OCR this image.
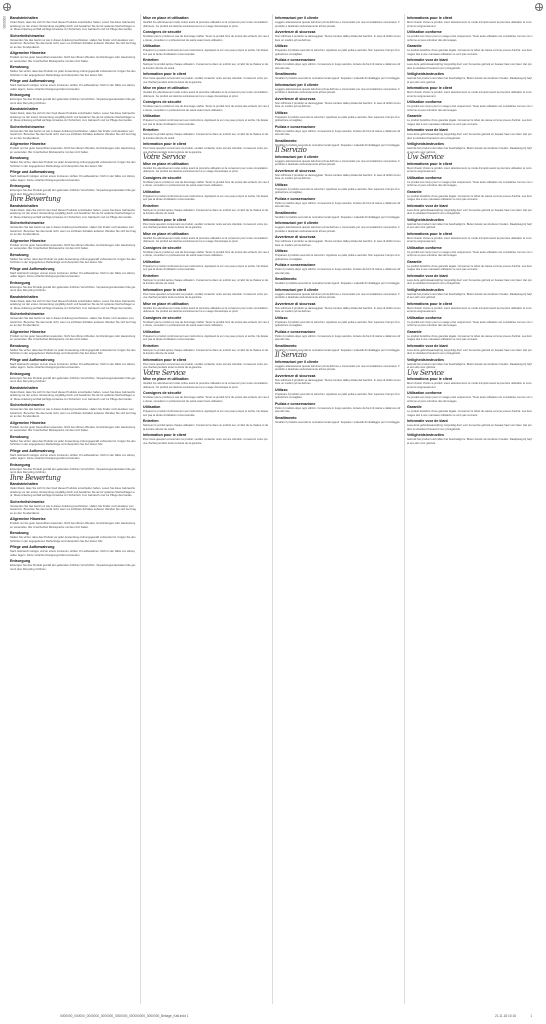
0000000 Bandsteinhalten

Vielen Dank, dass Sie sich für den Kauf dieses Produkts entschieden haben. Lesen Sie diese Gebrauchsanleitung vor der ersten Verwendung sorgfältig durch und bewahren Sie sie für späteres Nachschlagen auf. Diese Anleitung enthält wichtige Hinweise zur Sicherheit, zum Gebrauch und zur Pflege des Geräts.

Sicherheitshinweise

Verwenden Sie das Gerät nur wie in dieser Anleitung beschrieben. Halten Sie Kinder und Haustiere vom Gerät fern. Benutzen Sie das Gerät nicht, wenn es sichtbare Schäden aufweist. Wenden Sie sich bei Fragen an den Kundendienst.

Allgemeine Hinweise

Produkt nur bei guter Gesundheit anwenden. Nicht bei offenen Wunden, Entzündungen oder Hautreizungen verwenden. Bei Unsicherheit Rücksprache mit dem Arzt halten.

Benutzung

Stellen Sie sicher, dass das Produkt vor jeder Anwendung ordnungsgemäß vorbereitet ist. Folgen Sie den Schritten in der angegebenen Reihenfolge und überprüfen Sie den festen Sitz.

Pflege und Aufbewahrung

Nach Gebrauch reinigen und an einem trockenen, kühlen Ort aufbewahren. Nicht in der Nähe von Hitzequellen lagern. Keine scharfen Reinigungsmittel verwenden.

Entsorgung

Entsorgen Sie das Produkt gemäß den geltenden örtlichen Vorschriften. Verpackungsmaterialien bitte getrennt dem Recycling zuführen.

Bandsteinhalten

Vielen Dank, dass Sie sich für den Kauf dieses Produkts entschieden haben. Lesen Sie diese Gebrauchsanleitung vor der ersten Verwendung sorgfältig durch und bewahren Sie sie für späteres Nachschlagen auf. Diese Anleitung enthält wichtige Hinweise zur Sicherheit, zum Gebrauch und zur Pflege des Geräts.

Sicherheitshinweise

Verwenden Sie das Gerät nur wie in dieser Anleitung beschrieben. Halten Sie Kinder und Haustiere vom Gerät fern. Benutzen Sie das Gerät nicht, wenn es sichtbare Schäden aufweist. Wenden Sie sich bei Fragen an den Kundendienst.

Allgemeine Hinweise

Produkt nur bei guter Gesundheit anwenden. Nicht bei offenen Wunden, Entzündungen oder Hautreizungen verwenden. Bei Unsicherheit Rücksprache mit dem Arzt halten.

Benutzung

Stellen Sie sicher, dass das Produkt vor jeder Anwendung ordnungsgemäß vorbereitet ist. Folgen Sie den Schritten in der angegebenen Reihenfolge und überprüfen Sie den festen Sitz.

Pflege und Aufbewahrung

Nach Gebrauch reinigen und an einem trockenen, kühlen Ort aufbewahren. Nicht in der Nähe von Hitzequellen lagern. Keine scharfen Reinigungsmittel verwenden.

Entsorgung

Entsorgen Sie das Produkt gemäß den geltenden örtlichen Vorschriften. Verpackungsmaterialien bitte getrennt dem Recycling zuführen.

Ihre Bewertung
Bandsteinhalten

Vielen Dank, dass Sie sich für den Kauf dieses Produkts entschieden haben. Lesen Sie diese Gebrauchsanleitung vor der ersten Verwendung sorgfältig durch und bewahren Sie sie für späteres Nachschlagen auf. Diese Anleitung enthält wichtige Hinweise zur Sicherheit, zum Gebrauch und zur Pflege des Geräts.

Sicherheitshinweise

Verwenden Sie das Gerät nur wie in dieser Anleitung beschrieben. Halten Sie Kinder und Haustiere vom Gerät fern. Benutzen Sie das Gerät nicht, wenn es sichtbare Schäden aufweist. Wenden Sie sich bei Fragen an den Kundendienst.

Allgemeine Hinweise

Produkt nur bei guter Gesundheit anwenden. Nicht bei offenen Wunden, Entzündungen oder Hautreizungen verwenden. Bei Unsicherheit Rücksprache mit dem Arzt halten.

Benutzung

Stellen Sie sicher, dass das Produkt vor jeder Anwendung ordnungsgemäß vorbereitet ist. Folgen Sie den Schritten in der angegebenen Reihenfolge und überprüfen Sie den festen Sitz.

Pflege und Aufbewahrung

Nach Gebrauch reinigen und an einem trockenen, kühlen Ort aufbewahren. Nicht in der Nähe von Hitzequellen lagern. Keine scharfen Reinigungsmittel verwenden.

Entsorgung

Entsorgen Sie das Produkt gemäß den geltenden örtlichen Vorschriften. Verpackungsmaterialien bitte getrennt dem Recycling zuführen.

Bandsteinhalten

Vielen Dank, dass Sie sich für den Kauf dieses Produkts entschieden haben. Lesen Sie diese Gebrauchsanleitung vor der ersten Verwendung sorgfältig durch und bewahren Sie sie für späteres Nachschlagen auf. Diese Anleitung enthält wichtige Hinweise zur Sicherheit, zum Gebrauch und zur Pflege des Geräts.

Sicherheitshinweise

Verwenden Sie das Gerät nur wie in dieser Anleitung beschrieben. Halten Sie Kinder und Haustiere vom Gerät fern. Benutzen Sie das Gerät nicht, wenn es sichtbare Schäden aufweist. Wenden Sie sich bei Fragen an den Kundendienst.

Allgemeine Hinweise

Produkt nur bei guter Gesundheit anwenden. Nicht bei offenen Wunden, Entzündungen oder Hautreizungen verwenden. Bei Unsicherheit Rücksprache mit dem Arzt halten.

Benutzung

Stellen Sie sicher, dass das Produkt vor jeder Anwendung ordnungsgemäß vorbereitet ist. Folgen Sie den Schritten in der angegebenen Reihenfolge und überprüfen Sie den festen Sitz.

Pflege und Aufbewahrung

Nach Gebrauch reinigen und an einem trockenen, kühlen Ort aufbewahren. Nicht in der Nähe von Hitzequellen lagern. Keine scharfen Reinigungsmittel verwenden.

Entsorgung

Entsorgen Sie das Produkt gemäß den geltenden örtlichen Vorschriften. Verpackungsmaterialien bitte getrennt dem Recycling zuführen.

Bandsteinhalten

Vielen Dank, dass Sie sich für den Kauf dieses Produkts entschieden haben. Lesen Sie diese Gebrauchsanleitung vor der ersten Verwendung sorgfältig durch und bewahren Sie sie für späteres Nachschlagen auf. Diese Anleitung enthält wichtige Hinweise zur Sicherheit, zum Gebrauch und zur Pflege des Geräts.

Sicherheitshinweise

Verwenden Sie das Gerät nur wie in dieser Anleitung beschrieben. Halten Sie Kinder und Haustiere vom Gerät fern. Benutzen Sie das Gerät nicht, wenn es sichtbare Schäden aufweist. Wenden Sie sich bei Fragen an den Kundendienst.

Allgemeine Hinweise

Produkt nur bei guter Gesundheit anwenden. Nicht bei offenen Wunden, Entzündungen oder Hautreizungen verwenden. Bei Unsicherheit Rücksprache mit dem Arzt halten.

Benutzung

Stellen Sie sicher, dass das Produkt vor jeder Anwendung ordnungsgemäß vorbereitet ist. Folgen Sie den Schritten in der angegebenen Reihenfolge und überprüfen Sie den festen Sitz.

Pflege und Aufbewahrung

Nach Gebrauch reinigen und an einem trockenen, kühlen Ort aufbewahren. Nicht in der Nähe von Hitzequellen lagern. Keine scharfen Reinigungsmittel verwenden.

Entsorgung

Entsorgen Sie das Produkt gemäß den geltenden örtlichen Vorschriften. Verpackungsmaterialien bitte getrennt dem Recycling zuführen.

Ihre Bewertung
Bandsteinhalten

Vielen Dank, dass Sie sich für den Kauf dieses Produkts entschieden haben. Lesen Sie diese Gebrauchsanleitung vor der ersten Verwendung sorgfältig durch und bewahren Sie sie für späteres Nachschlagen auf. Diese Anleitung enthält wichtige Hinweise zur Sicherheit, zum Gebrauch und zur Pflege des Geräts.

Sicherheitshinweise

Verwenden Sie das Gerät nur wie in dieser Anleitung beschrieben. Halten Sie Kinder und Haustiere vom Gerät fern. Benutzen Sie das Gerät nicht, wenn es sichtbare Schäden aufweist. Wenden Sie sich bei Fragen an den Kundendienst.

Allgemeine Hinweise

Produkt nur bei guter Gesundheit anwenden. Nicht bei offenen Wunden, Entzündungen oder Hautreizungen verwenden. Bei Unsicherheit Rücksprache mit dem Arzt halten.

Benutzung

Stellen Sie sicher, dass das Produkt vor jeder Anwendung ordnungsgemäß vorbereitet ist. Folgen Sie den Schritten in der angegebenen Reihenfolge und überprüfen Sie den festen Sitz.

Pflege und Aufbewahrung

Nach Gebrauch reinigen und an einem trockenen, kühlen Ort aufbewahren. Nicht in der Nähe von Hitzequellen lagern. Keine scharfen Reinigungsmittel verwenden.

Entsorgung

Entsorgen Sie das Produkt gemäß den geltenden örtlichen Vorschriften. Verpackungsmaterialien bitte getrennt dem Recycling zuführen.

Mise en place et utilisation

Veuillez lire attentivement cette notice avant la première utilisation et la conserver pour toute consultation ultérieure. Ce produit est destiné exclusivement à un usage domestique et privé.

Consignes de sécurité

N'utilisez pas le produit en cas de dommage visible. Tenez le produit hors de portée des enfants. En cas de doute, consultez un professionnel de santé avant toute utilisation.

Utilisation

Préparez le produit conformément aux instructions. Appliquez-le sur une peau propre et sèche. Ne dépassez pas la durée d'utilisation recommandée.

Entretien

Nettoyez le produit après chaque utilisation. Conservez-le dans un endroit sec, à l'abri de la chaleur et de la lumière directe du soleil.

Information pour le client

Pour toute question concernant ce produit, veuillez contacter notre service clientèle. Conservez votre preuve d'achat pendant toute la durée de la garantie.

Mise en place et utilisation

Veuillez lire attentivement cette notice avant la première utilisation et la conserver pour toute consultation ultérieure. Ce produit est destiné exclusivement à un usage domestique et privé.

Consignes de sécurité

N'utilisez pas le produit en cas de dommage visible. Tenez le produit hors de portée des enfants. En cas de doute, consultez un professionnel de santé avant toute utilisation.

Utilisation

Préparez le produit conformément aux instructions. Appliquez-le sur une peau propre et sèche. Ne dépassez pas la durée d'utilisation recommandée.

Entretien

Nettoyez le produit après chaque utilisation. Conservez-le dans un endroit sec, à l'abri de la chaleur et de la lumière directe du soleil.

Information pour le client

Pour toute question concernant ce produit, veuillez contacter notre service clientèle. Conservez votre preuve d'achat pendant toute la durée de la garantie.

Votre Service
Mise en place et utilisation

Veuillez lire attentivement cette notice avant la première utilisation et la conserver pour toute consultation ultérieure. Ce produit est destiné exclusivement à un usage domestique et privé.

Consignes de sécurité

N'utilisez pas le produit en cas de dommage visible. Tenez le produit hors de portée des enfants. En cas de doute, consultez un professionnel de santé avant toute utilisation.

Utilisation

Préparez le produit conformément aux instructions. Appliquez-le sur une peau propre et sèche. Ne dépassez pas la durée d'utilisation recommandée.

Entretien

Nettoyez le produit après chaque utilisation. Conservez-le dans un endroit sec, à l'abri de la chaleur et de la lumière directe du soleil.

Information pour le client

Pour toute question concernant ce produit, veuillez contacter notre service clientèle. Conservez votre preuve d'achat pendant toute la durée de la garantie.

Mise en place et utilisation

Veuillez lire attentivement cette notice avant la première utilisation et la conserver pour toute consultation ultérieure. Ce produit est destiné exclusivement à un usage domestique et privé.

Consignes de sécurité

N'utilisez pas le produit en cas de dommage visible. Tenez le produit hors de portée des enfants. En cas de doute, consultez un professionnel de santé avant toute utilisation.

Utilisation

Préparez le produit conformément aux instructions. Appliquez-le sur une peau propre et sèche. Ne dépassez pas la durée d'utilisation recommandée.

Entretien

Nettoyez le produit après chaque utilisation. Conservez-le dans un endroit sec, à l'abri de la chaleur et de la lumière directe du soleil.

Information pour le client

Pour toute question concernant ce produit, veuillez contacter notre service clientèle. Conservez votre preuve d'achat pendant toute la durée de la garantie.

Mise en place et utilisation

Veuillez lire attentivement cette notice avant la première utilisation et la conserver pour toute consultation ultérieure. Ce produit est destiné exclusivement à un usage domestique et privé.

Consignes de sécurité

N'utilisez pas le produit en cas de dommage visible. Tenez le produit hors de portée des enfants. En cas de doute, consultez un professionnel de santé avant toute utilisation.

Utilisation

Préparez le produit conformément aux instructions. Appliquez-le sur une peau propre et sèche. Ne dépassez pas la durée d'utilisation recommandée.

Entretien

Nettoyez le produit après chaque utilisation. Conservez-le dans un endroit sec, à l'abri de la chaleur et de la lumière directe du soleil.

Information pour le client

Pour toute question concernant ce produit, veuillez contacter notre service clientèle. Conservez votre preuve d'achat pendant toute la durée de la garantie.

Votre Service
Mise en place et utilisation

Veuillez lire attentivement cette notice avant la première utilisation et la conserver pour toute consultation ultérieure. Ce produit est destiné exclusivement à un usage domestique et privé.

Consignes de sécurité

N'utilisez pas le produit en cas de dommage visible. Tenez le produit hors de portée des enfants. En cas de doute, consultez un professionnel de santé avant toute utilisation.

Utilisation

Préparez le produit conformément aux instructions. Appliquez-le sur une peau propre et sèche. Ne dépassez pas la durée d'utilisation recommandée.

Entretien

Nettoyez le produit après chaque utilisation. Conservez-le dans un endroit sec, à l'abri de la chaleur et de la lumière directe du soleil.

Information pour le client

Pour toute question concernant ce produit, veuillez contacter notre service clientèle. Conservez votre preuve d'achat pendant toute la durée de la garantie.

Informazioni per il cliente

Leggere attentamente queste istruzioni prima dell'uso e conservarle per una consultazione successiva. Il prodotto è destinato esclusivamente all'uso privato.

Avvertenze di sicurezza

Non utilizzare il prodotto se danneggiato. Tenere lontano dalla portata dei bambini. In caso di dubbi consultare un medico prima dell'uso.

Utilizzo

Preparare il prodotto secondo le istruzioni. Applicare su pelle pulita e asciutta. Non superare il tempo di applicazione consigliato.

Pulizia e conservazione

Pulire il prodotto dopo ogni utilizzo. Conservare in luogo asciutto, lontano da fonti di calore e dalla luce diretta del sole.

Smaltimento

Smaltire il prodotto secondo le normative locali vigenti. Separare i materiali d'imballaggio per il riciclaggio.

Informazioni per il cliente

Leggere attentamente queste istruzioni prima dell'uso e conservarle per una consultazione successiva. Il prodotto è destinato esclusivamente all'uso privato.

Avvertenze di sicurezza

Non utilizzare il prodotto se danneggiato. Tenere lontano dalla portata dei bambini. In caso di dubbi consultare un medico prima dell'uso.

Utilizzo

Preparare il prodotto secondo le istruzioni. Applicare su pelle pulita e asciutta. Non superare il tempo di applicazione consigliato.

Pulizia e conservazione

Pulire il prodotto dopo ogni utilizzo. Conservare in luogo asciutto, lontano da fonti di calore e dalla luce diretta del sole.

Smaltimento

Smaltire il prodotto secondo le normative locali vigenti. Separare i materiali d'imballaggio per il riciclaggio.

Il Servizio
Informazioni per il cliente

Leggere attentamente queste istruzioni prima dell'uso e conservarle per una consultazione successiva. Il prodotto è destinato esclusivamente all'uso privato.

Avvertenze di sicurezza

Non utilizzare il prodotto se danneggiato. Tenere lontano dalla portata dei bambini. In caso di dubbi consultare un medico prima dell'uso.

Utilizzo

Preparare il prodotto secondo le istruzioni. Applicare su pelle pulita e asciutta. Non superare il tempo di applicazione consigliato.

Pulizia e conservazione

Pulire il prodotto dopo ogni utilizzo. Conservare in luogo asciutto, lontano da fonti di calore e dalla luce diretta del sole.

Smaltimento

Smaltire il prodotto secondo le normative locali vigenti. Separare i materiali d'imballaggio per il riciclaggio.

Informazioni per il cliente

Leggere attentamente queste istruzioni prima dell'uso e conservarle per una consultazione successiva. Il prodotto è destinato esclusivamente all'uso privato.

Avvertenze di sicurezza

Non utilizzare il prodotto se danneggiato. Tenere lontano dalla portata dei bambini. In caso di dubbi consultare un medico prima dell'uso.

Utilizzo

Preparare il prodotto secondo le istruzioni. Applicare su pelle pulita e asciutta. Non superare il tempo di applicazione consigliato.

Pulizia e conservazione

Pulire il prodotto dopo ogni utilizzo. Conservare in luogo asciutto, lontano da fonti di calore e dalla luce diretta del sole.

Smaltimento

Smaltire il prodotto secondo le normative locali vigenti. Separare i materiali d'imballaggio per il riciclaggio.

Informazioni per il cliente

Leggere attentamente queste istruzioni prima dell'uso e conservarle per una consultazione successiva. Il prodotto è destinato esclusivamente all'uso privato.

Avvertenze di sicurezza

Non utilizzare il prodotto se danneggiato. Tenere lontano dalla portata dei bambini. In caso di dubbi consultare un medico prima dell'uso.

Utilizzo

Preparare il prodotto secondo le istruzioni. Applicare su pelle pulita e asciutta. Non superare il tempo di applicazione consigliato.

Pulizia e conservazione

Pulire il prodotto dopo ogni utilizzo. Conservare in luogo asciutto, lontano da fonti di calore e dalla luce diretta del sole.

Smaltimento

Smaltire il prodotto secondo le normative locali vigenti. Separare i materiali d'imballaggio per il riciclaggio.

Il Servizio
Informazioni per il cliente

Leggere attentamente queste istruzioni prima dell'uso e conservarle per una consultazione successiva. Il prodotto è destinato esclusivamente all'uso privato.

Avvertenze di sicurezza

Non utilizzare il prodotto se danneggiato. Tenere lontano dalla portata dei bambini. In caso di dubbi consultare un medico prima dell'uso.

Utilizzo

Preparare il prodotto secondo le istruzioni. Applicare su pelle pulita e asciutta. Non superare il tempo di applicazione consigliato.

Pulizia e conservazione

Pulire il prodotto dopo ogni utilizzo. Conservare in luogo asciutto, lontano da fonti di calore e dalla luce diretta del sole.

Smaltimento

Smaltire il prodotto secondo le normative locali vigenti. Separare i materiali d'imballaggio per il riciclaggio.

Informations pour le client

Merci d'avoir choisi ce produit. Lisez attentivement ce mode d'emploi avant la première utilisation et conservez-le soigneusement.

Utilisation conforme

Ce produit est conçu pour un usage privé uniquement. Toute autre utilisation est considérée comme non conforme et peut entraîner des dommages.

Garantie

Le produit bénéficie d'une garantie légale. Conservez le ticket de caisse comme preuve d'achat. Les dommages dus à une mauvaise utilisation ne sont pas couverts.

Informatie voor de klant

Lees deze gebruiksaanwijzing zorgvuldig door voor het eerste gebruik en bewaar haar voor later. Het product is uitsluitend bestemd voor privégebruik.

Veiligheidsinstructies

Gebruik het product niet indien het beschadigd is. Buiten bereik van kinderen houden. Raadpleeg bij twijfel een arts voor gebruik.

Informations pour le client

Merci d'avoir choisi ce produit. Lisez attentivement ce mode d'emploi avant la première utilisation et conservez-le soigneusement.

Utilisation conforme

Ce produit est conçu pour un usage privé uniquement. Toute autre utilisation est considérée comme non conforme et peut entraîner des dommages.

Garantie

Le produit bénéficie d'une garantie légale. Conservez le ticket de caisse comme preuve d'achat. Les dommages dus à une mauvaise utilisation ne sont pas couverts.

Informatie voor de klant

Lees deze gebruiksaanwijzing zorgvuldig door voor het eerste gebruik en bewaar haar voor later. Het product is uitsluitend bestemd voor privégebruik.

Veiligheidsinstructies

Gebruik het product niet indien het beschadigd is. Buiten bereik van kinderen houden. Raadpleeg bij twijfel een arts voor gebruik.

Uw Service
Informations pour le client

Merci d'avoir choisi ce produit. Lisez attentivement ce mode d'emploi avant la première utilisation et conservez-le soigneusement.

Utilisation conforme

Ce produit est conçu pour un usage privé uniquement. Toute autre utilisation est considérée comme non conforme et peut entraîner des dommages.

Garantie

Le produit bénéficie d'une garantie légale. Conservez le ticket de caisse comme preuve d'achat. Les dommages dus à une mauvaise utilisation ne sont pas couverts.

Informatie voor de klant

Lees deze gebruiksaanwijzing zorgvuldig door voor het eerste gebruik en bewaar haar voor later. Het product is uitsluitend bestemd voor privégebruik.

Veiligheidsinstructies

Gebruik het product niet indien het beschadigd is. Buiten bereik van kinderen houden. Raadpleeg bij twijfel een arts voor gebruik.

Informations pour le client

Merci d'avoir choisi ce produit. Lisez attentivement ce mode d'emploi avant la première utilisation et conservez-le soigneusement.

Utilisation conforme

Ce produit est conçu pour un usage privé uniquement. Toute autre utilisation est considérée comme non conforme et peut entraîner des dommages.

Garantie

Le produit bénéficie d'une garantie légale. Conservez le ticket de caisse comme preuve d'achat. Les dommages dus à une mauvaise utilisation ne sont pas couverts.

Informatie voor de klant

Lees deze gebruiksaanwijzing zorgvuldig door voor het eerste gebruik en bewaar haar voor later. Het product is uitsluitend bestemd voor privégebruik.

Veiligheidsinstructies

Gebruik het product niet indien het beschadigd is. Buiten bereik van kinderen houden. Raadpleeg bij twijfel een arts voor gebruik.

Informations pour le client

Merci d'avoir choisi ce produit. Lisez attentivement ce mode d'emploi avant la première utilisation et conservez-le soigneusement.

Utilisation conforme

Ce produit est conçu pour un usage privé uniquement. Toute autre utilisation est considérée comme non conforme et peut entraîner des dommages.

Garantie

Le produit bénéficie d'une garantie légale. Conservez le ticket de caisse comme preuve d'achat. Les dommages dus à une mauvaise utilisation ne sont pas couverts.

Informatie voor de klant

Lees deze gebruiksaanwijzing zorgvuldig door voor het eerste gebruik en bewaar haar voor later. Het product is uitsluitend bestemd voor privégebruik.

Veiligheidsinstructies

Gebruik het product niet indien het beschadigd is. Buiten bereik van kinderen houden. Raadpleeg bij twijfel een arts voor gebruik.

Uw Service
Informations pour le client

Merci d'avoir choisi ce produit. Lisez attentivement ce mode d'emploi avant la première utilisation et conservez-le soigneusement.

Utilisation conforme

Ce produit est conçu pour un usage privé uniquement. Toute autre utilisation est considérée comme non conforme et peut entraîner des dommages.

Garantie

Le produit bénéficie d'une garantie légale. Conservez le ticket de caisse comme preuve d'achat. Les dommages dus à une mauvaise utilisation ne sont pas couverts.

Informatie voor de klant

Lees deze gebruiksaanwijzing zorgvuldig door voor het eerste gebruik en bewaar haar voor later. Het product is uitsluitend bestemd voor privégebruik.

Veiligheidsinstructies

Gebruik het product niet indien het beschadigd is. Buiten bereik van kinderen houden. Raadpleeg bij twijfel een arts voor gebruik.

0000000_000000_0000000_0000000_0000000_000000000_0000000_Beilage_Kalt.indd 1	21.11.18 10:16	1
